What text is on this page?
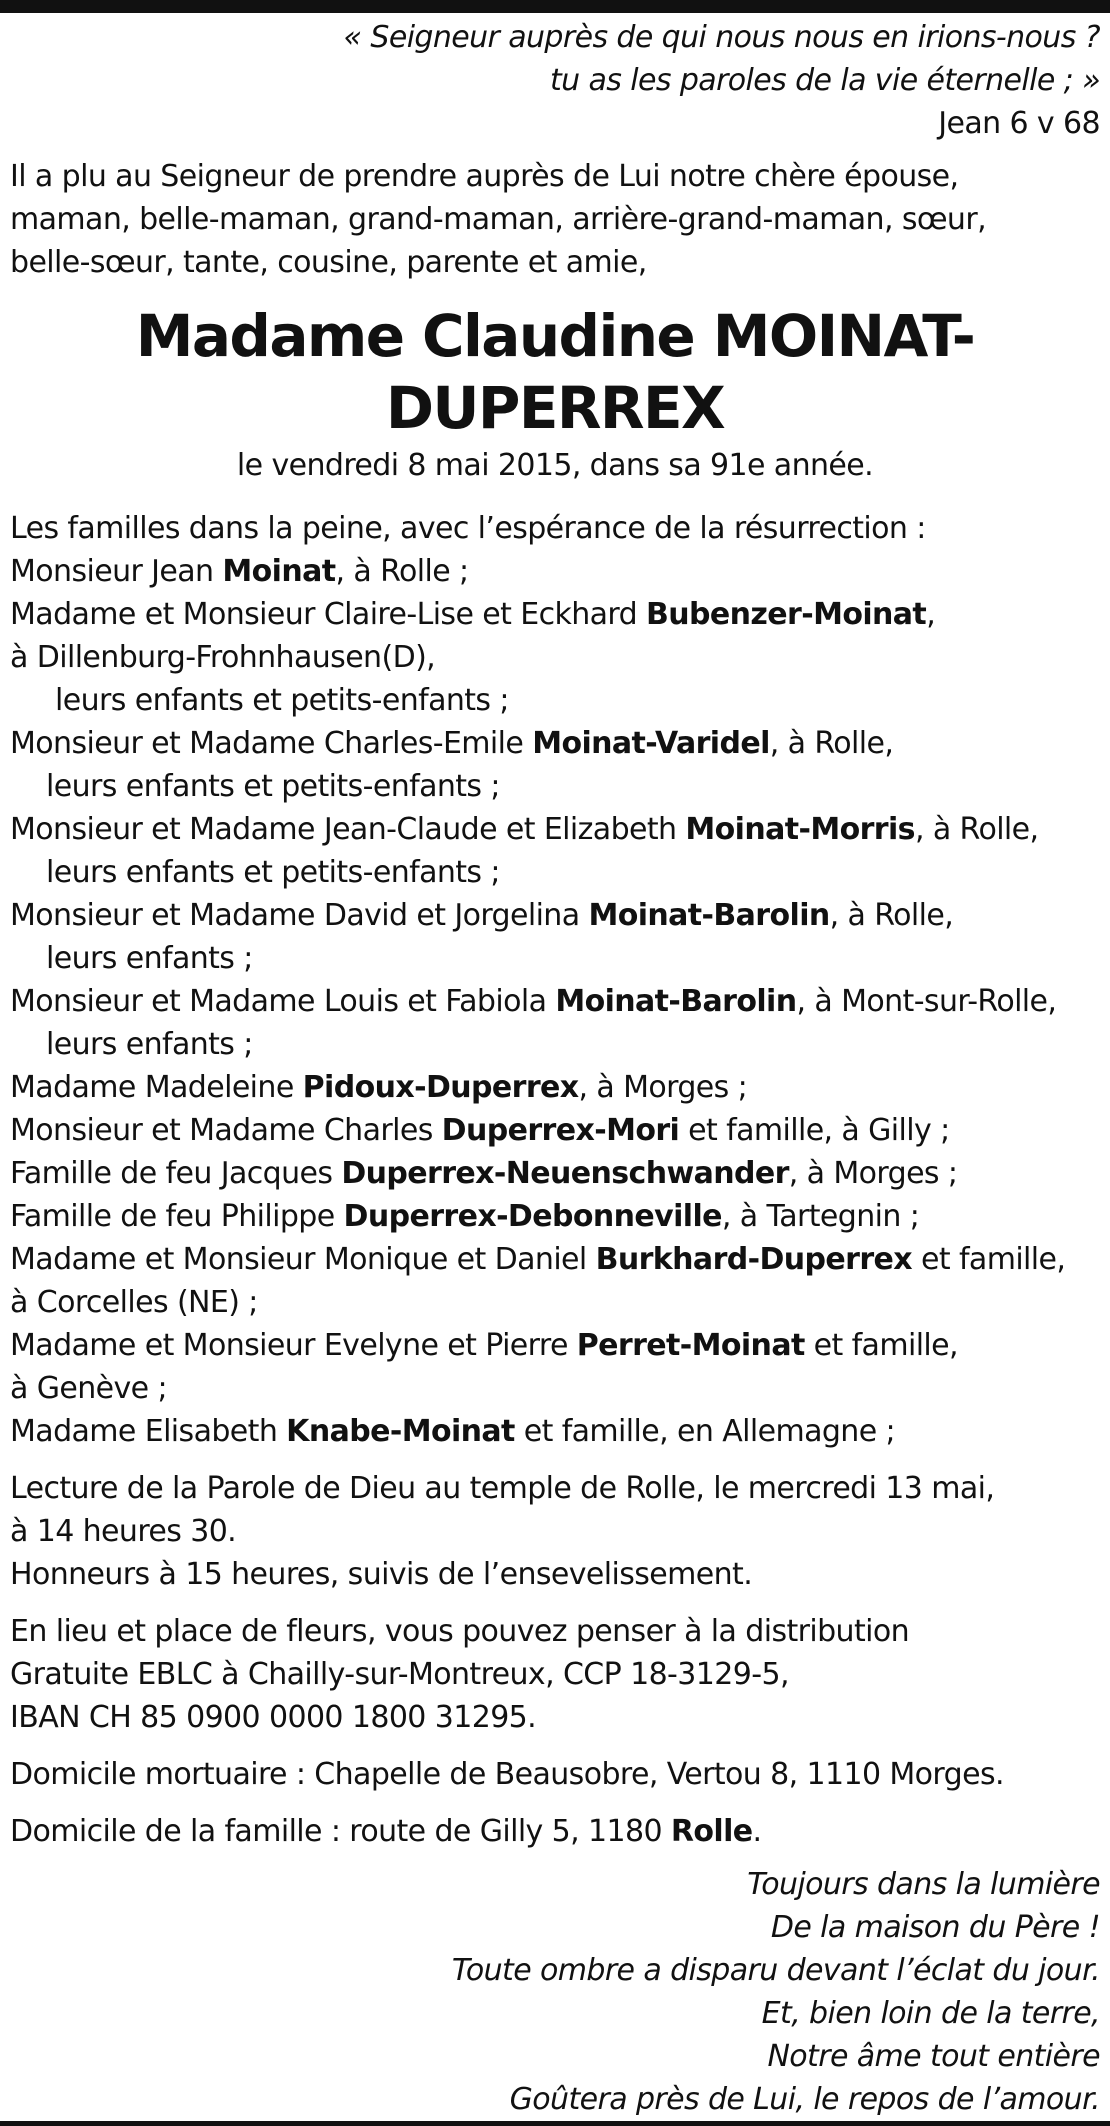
« Seigneur auprès de qui nous nous en irions-nous ?

tu as les paroles de la vie éternelle ; »

Jean 6 v 68

Il a plu au Seigneur de prendre auprès de Lui notre chère épouse,

maman, belle-maman, grand-maman, arrière-grand-maman, sœur,

belle-sœur, tante, cousine, parente et amie,

Madame Claudine MOINAT-DUPERREX

le vendredi 8 mai 2015, dans sa 91e année.

Les familles dans la peine, avec l’espérance de la résurrection :

Monsieur Jean Moinat, à Rolle ;

Madame et Monsieur Claire-Lise et Eckhard Bubenzer-Moinat,

à Dillenburg-Frohnhausen(D),

leurs enfants et petits-enfants ;

Monsieur et Madame Charles-Emile Moinat-Varidel, à Rolle,

leurs enfants et petits-enfants ;

Monsieur et Madame Jean-Claude et Elizabeth Moinat-Morris, à Rolle,

leurs enfants et petits-enfants ;

Monsieur et Madame David et Jorgelina Moinat-Barolin, à Rolle,

leurs enfants ;

Monsieur et Madame Louis et Fabiola Moinat-Barolin, à Mont-sur-Rolle,

leurs enfants ;

Madame Madeleine Pidoux-Duperrex, à Morges ;

Monsieur et Madame Charles Duperrex-Mori et famille, à Gilly ;

Famille de feu Jacques Duperrex-Neuenschwander, à Morges ;

Famille de feu Philippe Duperrex-Debonneville, à Tartegnin ;

Madame et Monsieur Monique et Daniel Burkhard-Duperrex et famille,

à Corcelles (NE) ;

Madame et Monsieur Evelyne et Pierre Perret-Moinat et famille,

à Genève ;

Madame Elisabeth Knabe-Moinat et famille, en Allemagne ;

Lecture de la Parole de Dieu au temple de Rolle, le mercredi 13 mai,

à 14 heures 30.

Honneurs à 15 heures, suivis de l’ensevelissement.

En lieu et place de fleurs, vous pouvez penser à la distribution

Gratuite EBLC à Chailly-sur-Montreux, CCP 18-3129-5,

IBAN CH 85 0900 0000 1800 31295.

Domicile mortuaire : Chapelle de Beausobre, Vertou 8, 1110 Morges.

Domicile de la famille : route de Gilly 5, 1180 Rolle.

Toujours dans la lumière

De la maison du Père !

Toute ombre a disparu devant l’éclat du jour.

Et, bien loin de la terre,

Notre âme tout entière

Goûtera près de Lui, le repos de l’amour.
